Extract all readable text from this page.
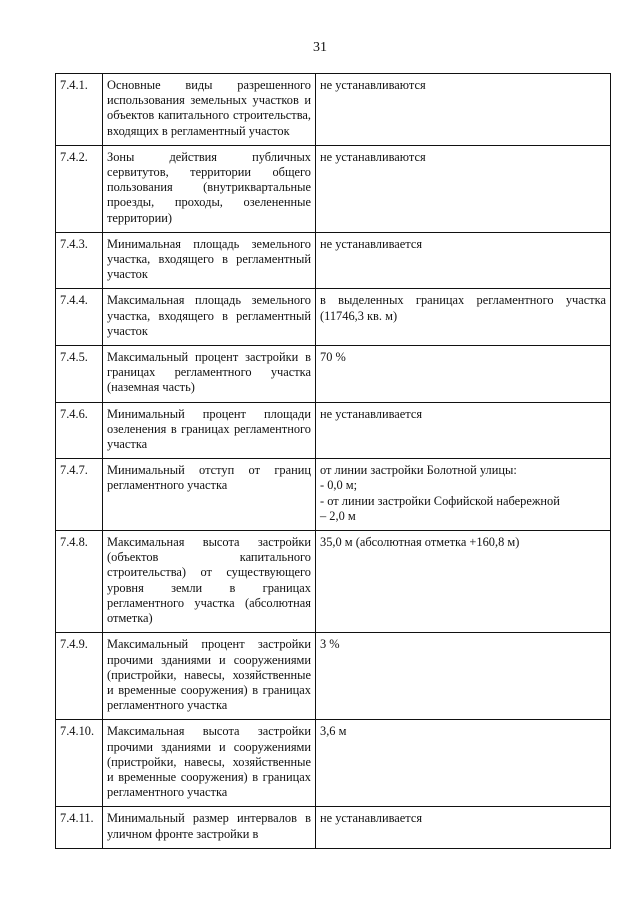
31
7.4.1.	Основные виды разрешенного использования земельных участков и объектов капитального строительства, входящих в регламентный участок	не устанавливаются

7.4.2.	Зоны действия публичных сервитутов, территории общего пользования (внутриквартальные проезды, проходы, озелененные территории)	не устанавливаются

7.4.3.	Минимальная площадь земельного участка, входящего в регламентный участок	не устанавливается

7.4.4.	Максимальная площадь земельного участка, входящего в регламентный участок	в выделенных границах регламентного участка (11746,3 кв. м)

7.4.5.	Максимальный процент застройки в границах регламентного участка (наземная часть)	70 %

7.4.6.	Минимальный процент площади озеленения в границах регламентного участка	не устанавливается

7.4.7.	Минимальный отступ от границ регламентного участка	от линии застройки Болотной улицы:
- 0,0 м;
- от линии застройки Софийской набережной
– 2,0 м

7.4.8.	Максимальная высота застройки (объектов капитального строительства) от существующего уровня земли в границах регламентного участка (абсолютная отметка)	35,0 м (абсолютная отметка +160,8 м)

7.4.9.	Максимальный процент застройки прочими зданиями и сооружениями (пристройки, навесы, хозяйственные и временные сооружения) в границах регламентного участка	3 %

7.4.10.	Максимальная высота застройки прочими зданиями и сооружениями (пристройки, навесы, хозяйственные и временные сооружения) в границах регламентного участка	3,6 м

7.4.11.	Минимальный размер интервалов в уличном фронте застройки в	не устанавливается
